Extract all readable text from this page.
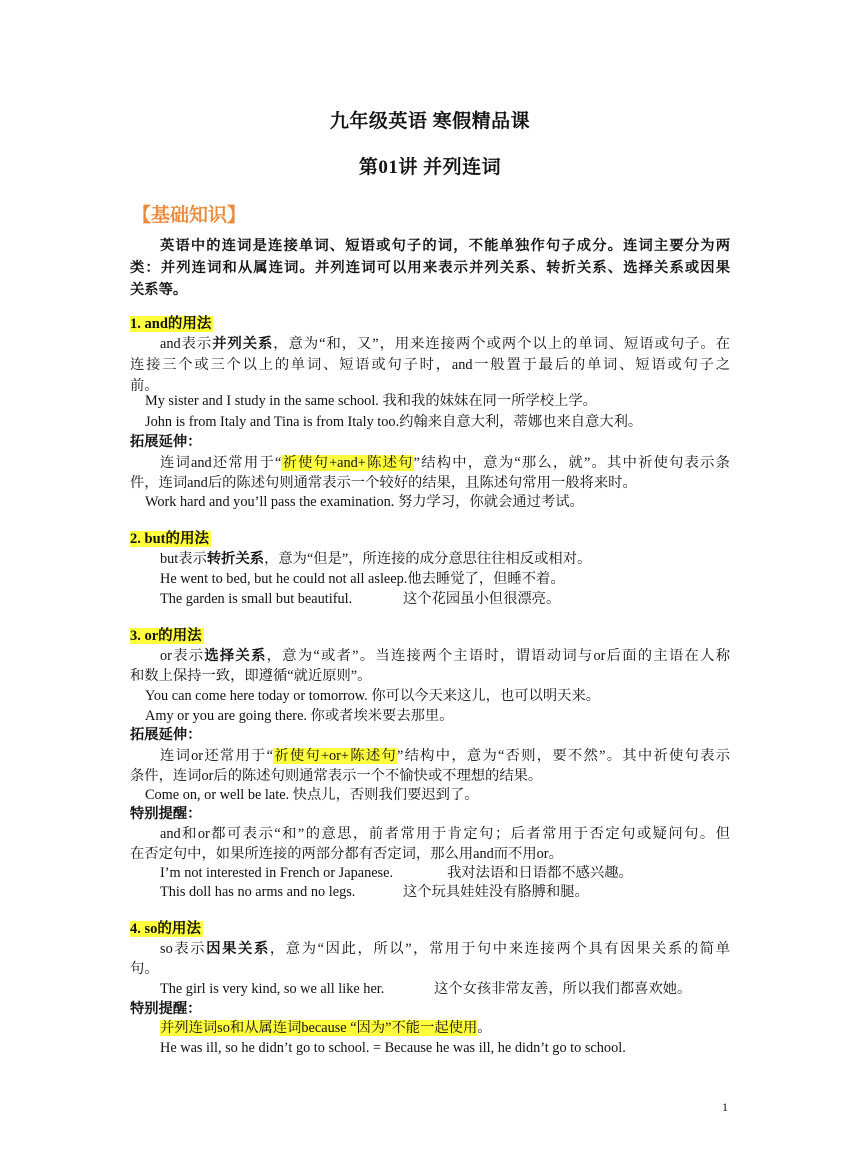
九年级英语 寒假精品课
第01讲 并列连词
【基础知识】
英语中的连词是连接单词、短语或句子的词，不能单独作句子成分。连词主要分为两
类：并列连词和从属连词。并列连词可以用来表示并列关系、转折关系、选择关系或因果
关系等。
1. and的用法
and表示并列关系，意为“和，又”，用来连接两个或两个以上的单词、短语或句子。在
连接三个或三个以上的单词、短语或句子时，and一般置于最后的单词、短语或句子之
前。
My sister and I study in the same school. 我和我的妹妹在同一所学校上学。
John is from Italy and Tina is from Italy too.约翰来自意大利，蒂娜也来自意大利。
拓展延伸：
连词and还常用于“祈使句+and+陈述句”结构中，意为“那么，就”。其中祈使句表示条
件，连词and后的陈述句则通常表示一个较好的结果，且陈述句常用一般将来时。
Work hard and you’ll pass the examination. 努力学习，你就会通过考试。
2. but的用法
but表示转折关系，意为“但是”，所连接的成分意思往往相反或相对。
He went to bed, but he could not all asleep.他去睡觉了，但睡不着。
The garden is small but beautiful.	这个花园虽小但很漂亮。
3. or的用法
or表示选择关系，意为“或者”。当连接两个主语时，谓语动词与or后面的主语在人称
和数上保持一致，即遵循“就近原则”。
You can come here today or tomorrow. 你可以今天来这儿，也可以明天来。
Amy or you are going there. 你或者埃米要去那里。
拓展延伸：
连词or还常用于“祈使句+or+陈述句”结构中，意为“否则，要不然”。其中祈使句表示
条件，连词or后的陈述句则通常表示一个不愉快或不理想的结果。
Come on, or well be late. 快点儿，否则我们要迟到了。
特别提醒：
and和or都可表示“和”的意思，前者常用于肯定句；后者常用于否定句或疑问句。但
在否定句中，如果所连接的两部分都有否定词，那么用and而不用or。
I’m not interested in French or Japanese.	我对法语和日语都不感兴趣。
This doll has no arms and no legs.	这个玩具娃娃没有胳膊和腿。
4. so的用法
so表示因果关系，意为“因此，所以”，常用于句中来连接两个具有因果关系的简单
句。
The girl is very kind, so we all like her.	这个女孩非常友善，所以我们都喜欢她。
特别提醒：
并列连词so和从属连词because “因为”不能一起使用。
He was ill, so he didn’t go to school. = Because he was ill, he didn’t go to school.
1
